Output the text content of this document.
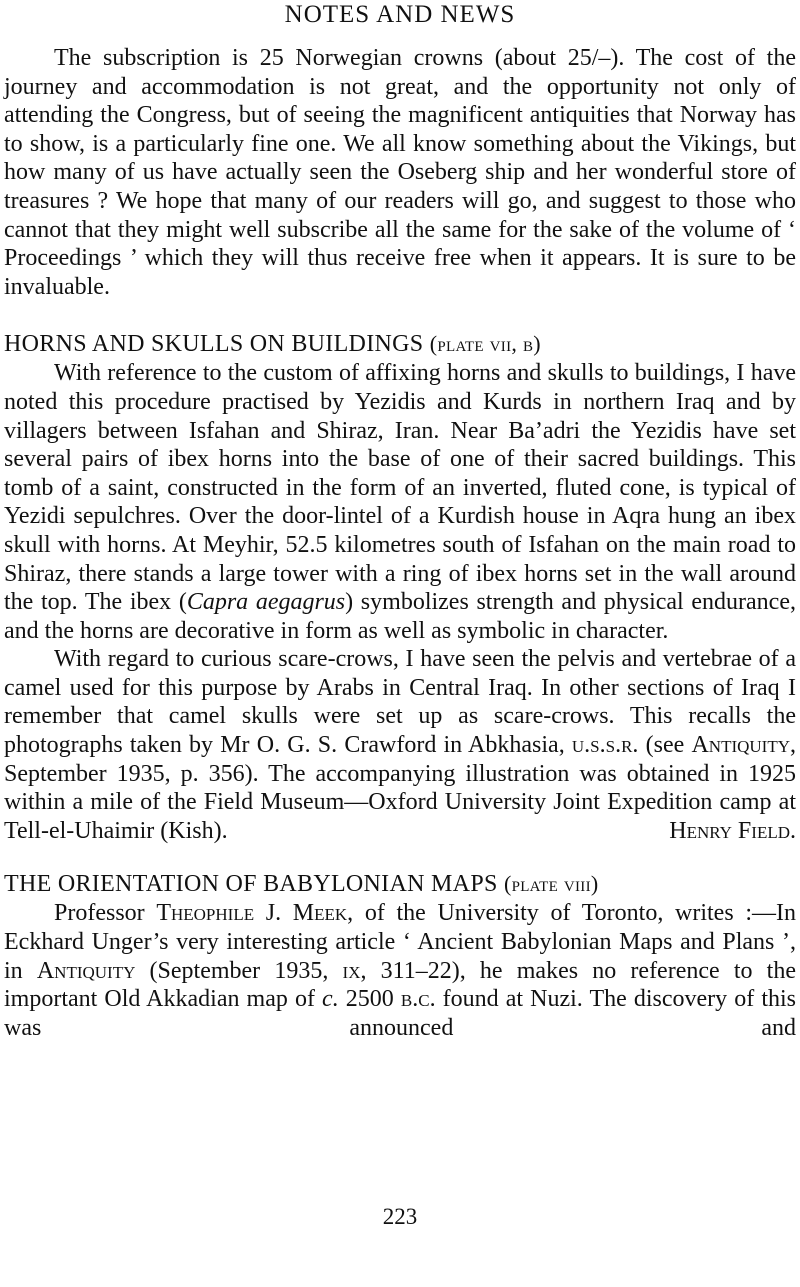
NOTES AND NEWS

The subscription is 25 Norwegian crowns (about 25/–). The cost of the journey and accommodation is not great, and the opportunity not only of attending the Congress, but of seeing the magnificent antiquities that Norway has to show, is a particularly fine one. We all know something about the Vikings, but how many of us have actually seen the Oseberg ship and her wonderful store of treasures ? We hope that many of our readers will go, and suggest to those who cannot that they might well subscribe all the same for the sake of the volume of ‘ Proceedings ’ which they will thus receive free when it appears. It is sure to be invaluable.

HORNS AND SKULLS ON BUILDINGS (plate vii, b)

With reference to the custom of affixing horns and skulls to buildings, I have noted this procedure practised by Yezidis and Kurds in northern Iraq and by villagers between Isfahan and Shiraz, Iran. Near Ba’adri the Yezidis have set several pairs of ibex horns into the base of one of their sacred buildings. This tomb of a saint, constructed in the form of an inverted, fluted cone, is typical of Yezidi sepulchres. Over the door-lintel of a Kurdish house in Aqra hung an ibex skull with horns. At Meyhir, 52.5 kilometres south of Isfahan on the main road to Shiraz, there stands a large tower with a ring of ibex horns set in the wall around the top. The ibex (Capra aegagrus) symbolizes strength and physical endurance, and the horns are decorative in form as well as symbolic in character.

With regard to curious scare-crows, I have seen the pelvis and vertebrae of a camel used for this purpose by Arabs in Central Iraq. In other sections of Iraq I remember that camel skulls were set up as scare-crows. This recalls the photographs taken by Mr O. G. S. Crawford in Abkhasia, u.s.s.r. (see Antiquity, September 1935, p. 356). The accompanying illustration was obtained in 1925 within a mile of the Field Museum—Oxford University Joint Expedition camp at Tell-el-Uhaimir (Kish).	Henry Field.

THE ORIENTATION OF BABYLONIAN MAPS (plate viii)

Professor Theophile J. Meek, of the University of Toronto, writes :—In Eckhard Unger’s very interesting article ‘ Ancient Babylonian Maps and Plans ’, in Antiquity (September 1935, ix, 311–22), he makes no reference to the important Old Akkadian map of c. 2500 b.c. found at Nuzi. The discovery of this was announced and

223
